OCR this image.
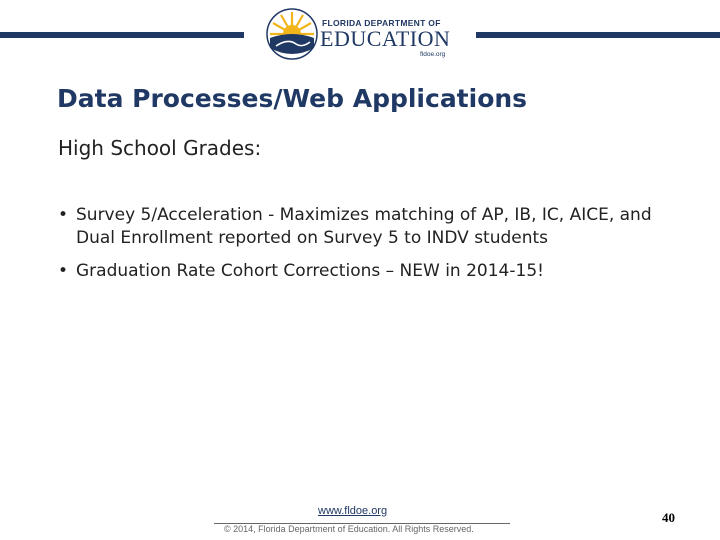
FLORIDA DEPARTMENT OF
EDUCATION
fldoe.org
Data Processes/Web Applications
High School Grades:
• Survey 5/Acceleration - Maximizes matching of AP, IB, IC, AICE, and Dual Enrollment reported on Survey 5 to INDV students
• Graduation Rate Cohort Corrections – NEW in 2014-15!
www.fldoe.org
© 2014, Florida Department of Education. All Rights Reserved.
40
